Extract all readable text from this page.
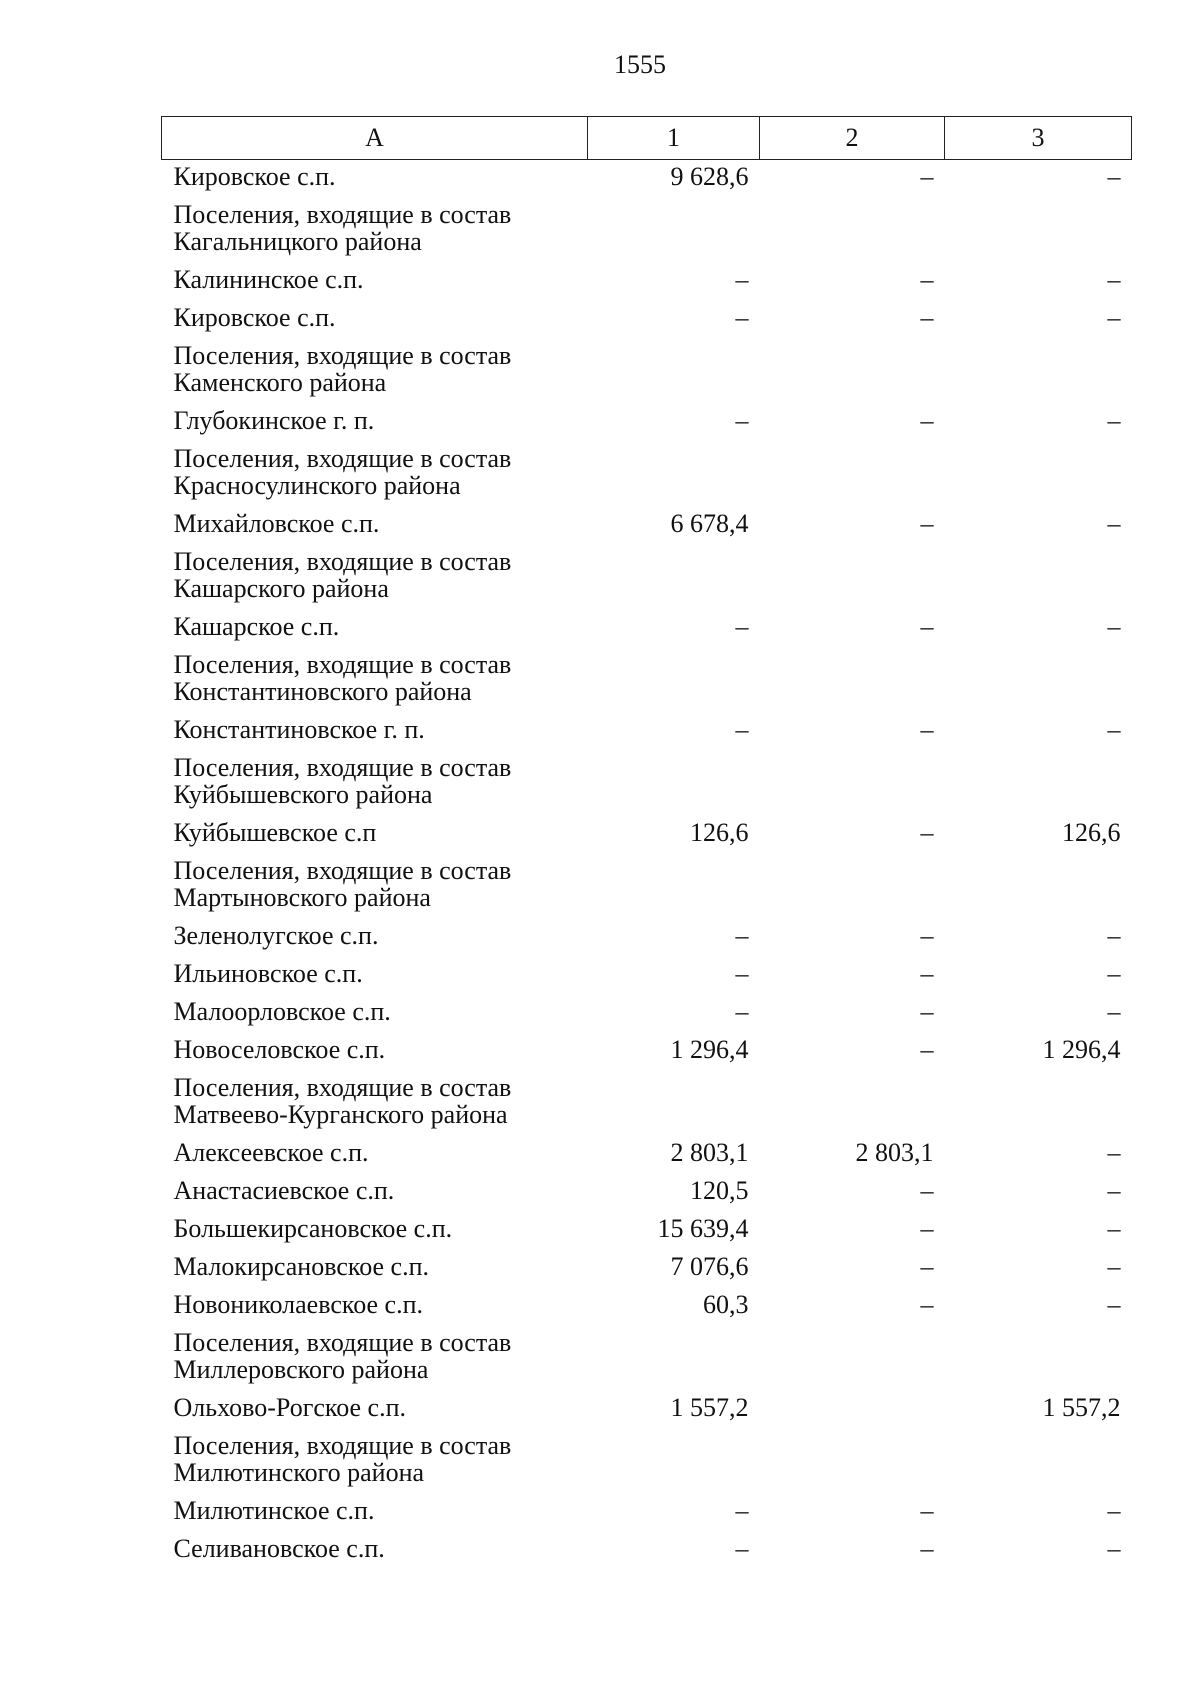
1555
А	1	2	3
Кировское с.п.	9 628,6	–	–
Поселения, входящие в состав Кагальницкого района			
Калининское с.п.	–	–	–
Кировское с.п.	–	–	–
Поселения, входящие в состав Каменского района			
Глубокинское г. п.	–	–	–
Поселения, входящие в состав Красносулинского района			
Михайловское с.п.	6 678,4	–	–
Поселения, входящие в состав Кашарского района			
Кашарское с.п.	–	–	–
Поселения, входящие в состав Константиновского района			
Константиновское г. п.	–	–	–
Поселения, входящие в состав Куйбышевского района			
Куйбышевское с.п	126,6	–	126,6
Поселения, входящие в состав Мартыновского района			
Зеленолугское с.п.	–	–	–
Ильиновское с.п.	–	–	–
Малоорловское с.п.	–	–	–
Новоселовское с.п.	1 296,4	–	1 296,4
Поселения, входящие в состав Матвеево-Курганского района			
Алексеевское с.п.	2 803,1	2 803,1	–
Анастасиевское с.п.	120,5	–	–
Большекирсановское с.п.	15 639,4	–	–
Малокирсановское с.п.	7 076,6	–	–
Новониколаевское с.п.	60,3	–	–
Поселения, входящие в состав Миллеровского района			
Ольхово-Рогское с.п.	1 557,2		1 557,2
Поселения, входящие в состав Милютинского района			
Милютинское с.п.	–	–	–
Селивановское с.п.	–	–	–
